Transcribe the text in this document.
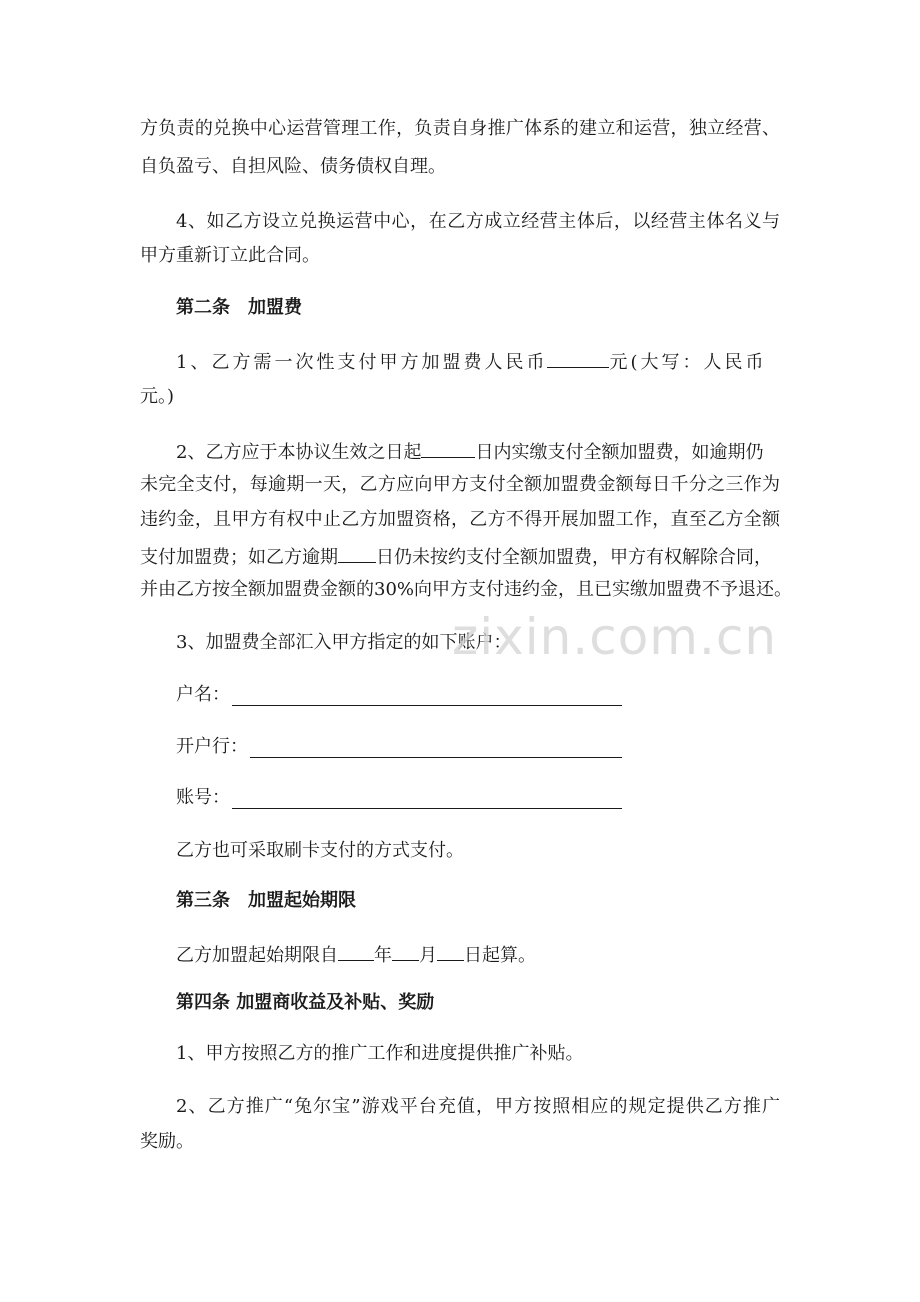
方负责的兑换中心运营管理工作，负责自身推广体系的建立和运营，独立经营、
自负盈亏、自担风险、债务债权自理。
4、如乙方设立兑换运营中心，在乙方成立经营主体后，以经营主体名义与
甲方重新订立此合同。
第二条　加盟费
1、乙方需一次性支付甲方加盟费人民币	元(大写：人民币
元。)
2、乙方应于本协议生效之日起	日内实缴支付全额加盟费，如逾期仍
未完全支付，每逾期一天，乙方应向甲方支付全额加盟费金额每日千分之三作为
违约金，且甲方有权中止乙方加盟资格，乙方不得开展加盟工作，直至乙方全额
支付加盟费；如乙方逾期 日仍未按约支付全额加盟费，甲方有权解除合同，
并由乙方按全额加盟费金额的30%向甲方支付违约金，且已实缴加盟费不予退还。
3、加盟费全部汇入甲方指定的如下账户：
户名：
开户行：
账号：
乙方也可采取刷卡支付的方式支付。
第三条　加盟起始期限
乙方加盟起始期限自 年 月 日起算。
第四条 加盟商收益及补贴、奖励
1、甲方按照乙方的推广工作和进度提供推广补贴。
2、乙方推广“兔尔宝”游戏平台充值，甲方按照相应的规定提供乙方推广
奖励。
zixin.com.cn
